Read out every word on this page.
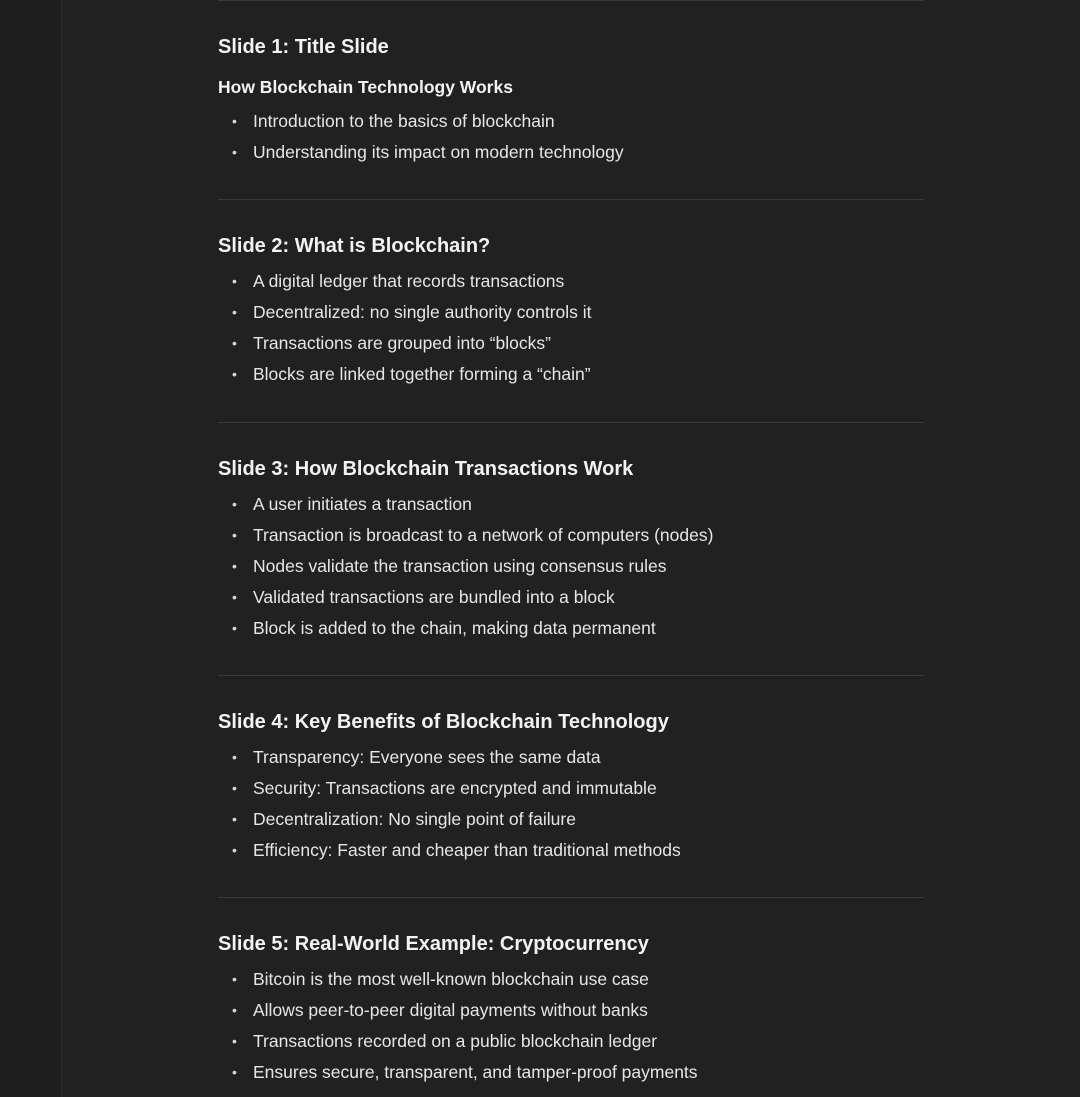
Slide 1: Title Slide
How Blockchain Technology Works
• Introduction to the basics of blockchain
• Understanding its impact on modern technology
Slide 2: What is Blockchain?
• A digital ledger that records transactions
• Decentralized: no single authority controls it
• Transactions are grouped into “blocks”
• Blocks are linked together forming a “chain”
Slide 3: How Blockchain Transactions Work
• A user initiates a transaction
• Transaction is broadcast to a network of computers (nodes)
• Nodes validate the transaction using consensus rules
• Validated transactions are bundled into a block
• Block is added to the chain, making data permanent
Slide 4: Key Benefits of Blockchain Technology
• Transparency: Everyone sees the same data
• Security: Transactions are encrypted and immutable
• Decentralization: No single point of failure
• Efficiency: Faster and cheaper than traditional methods
Slide 5: Real-World Example: Cryptocurrency
• Bitcoin is the most well-known blockchain use case
• Allows peer-to-peer digital payments without banks
• Transactions recorded on a public blockchain ledger
• Ensures secure, transparent, and tamper-proof payments
